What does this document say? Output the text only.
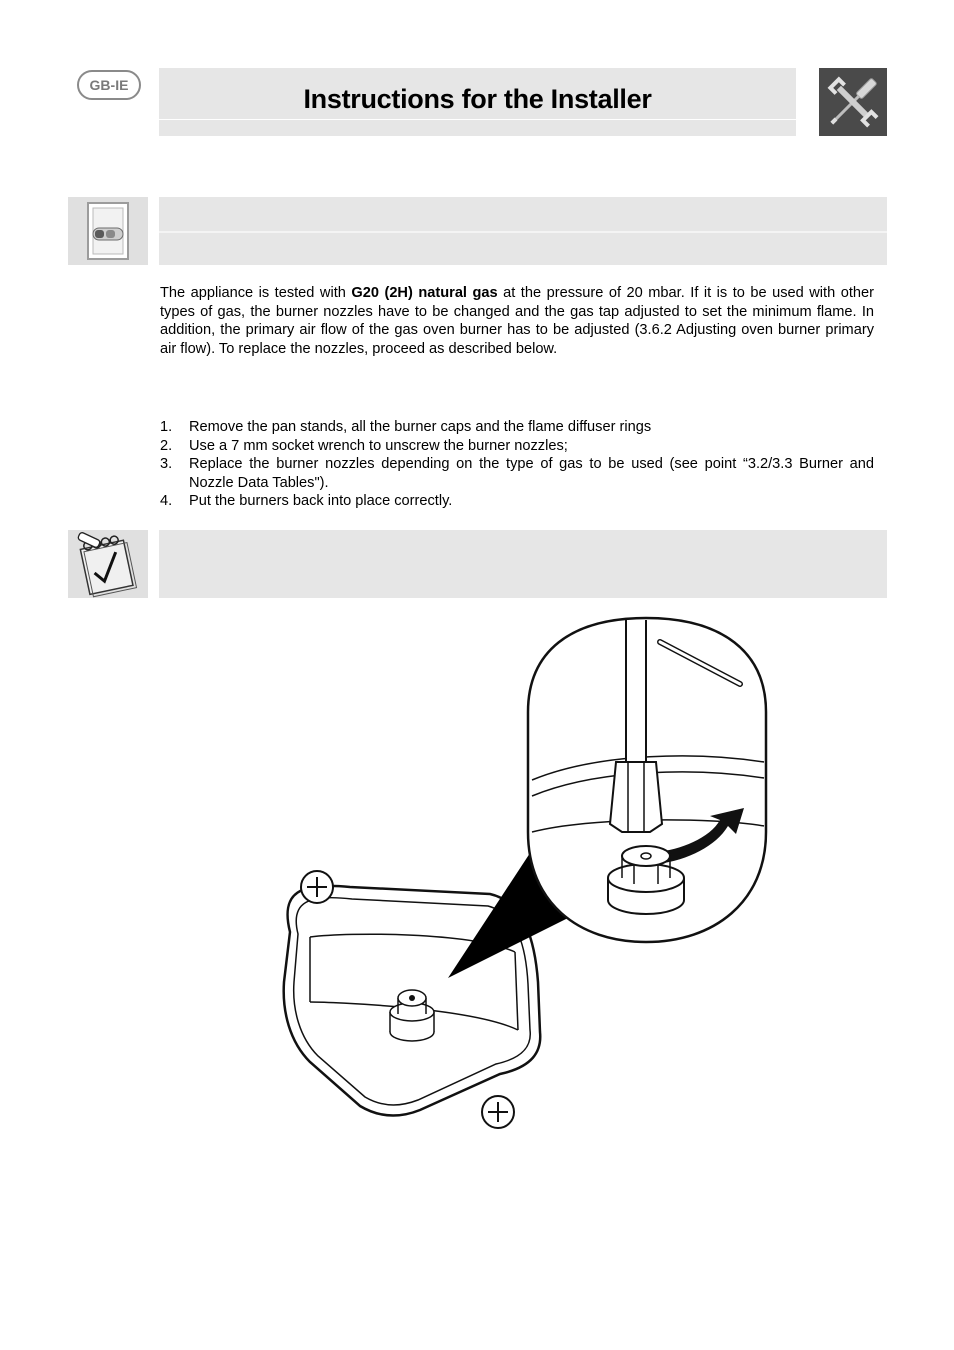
GB-IE	Instructions for the Installer

The appliance is tested with G20 (2H) natural gas at the pressure of 20 mbar. If it is to be used with other types of gas, the burner nozzles have to be changed and the gas tap adjusted to set the minimum flame. In addition, the primary air flow of the gas oven burner has to be adjusted (3.6.2 Adjusting oven burner primary air flow). To replace the nozzles, proceed as described below.

1. Remove the pan stands, all the burner caps and the flame diffuser rings
2. Use a 7 mm socket wrench to unscrew the burner nozzles;
3. Replace the burner nozzles depending on the type of gas to be used (see point “3.2/3.3 Burner and Nozzle Data Tables").
4. Put the burners back into place correctly.
